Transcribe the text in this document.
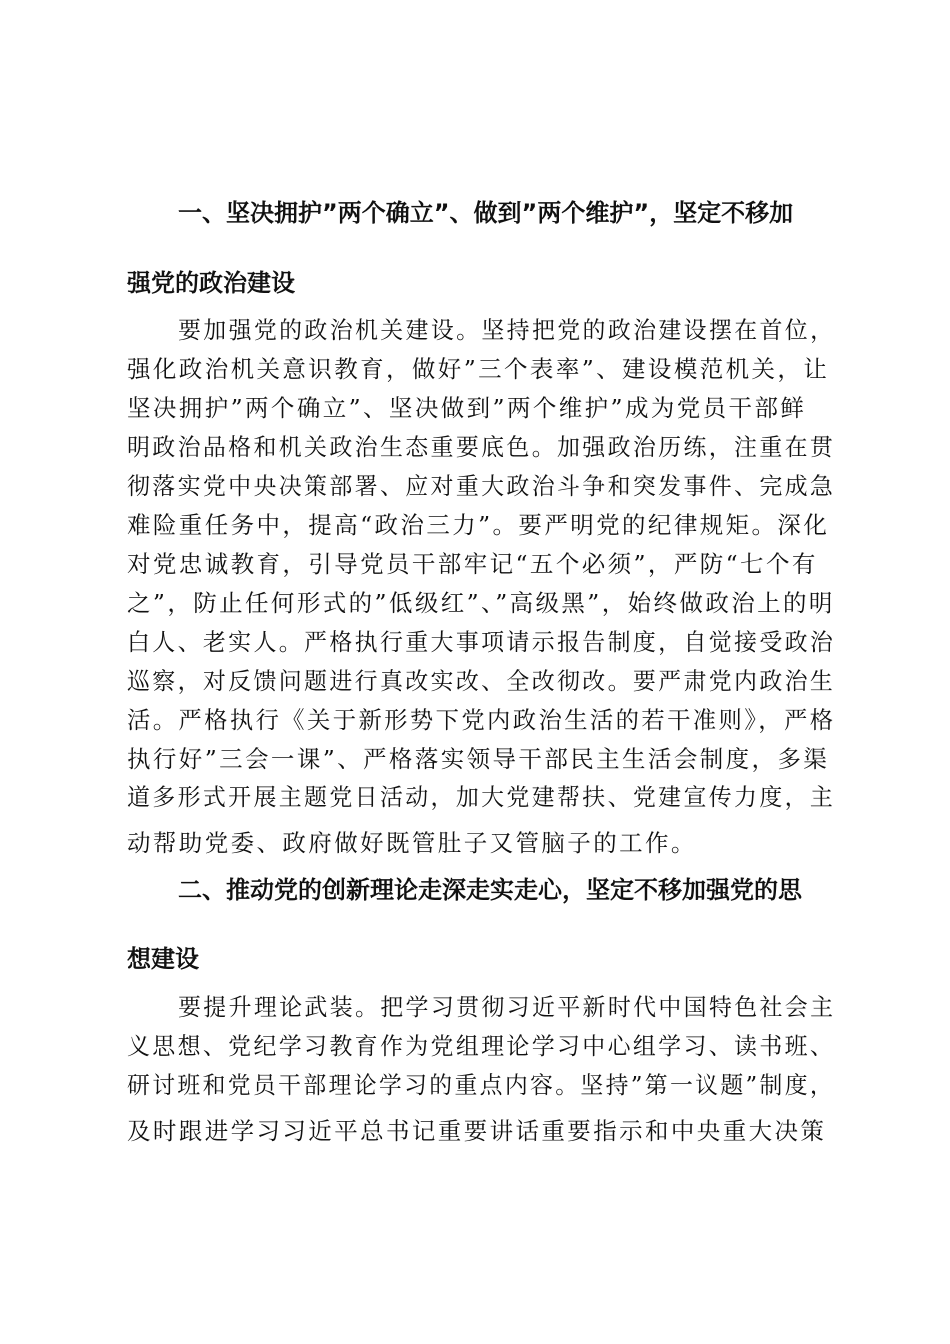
一、坚决拥护”两个确立”、做到”两个维护”，坚定不移加

强党的政治建设

要加强党的政治机关建设。坚持把党的政治建设摆在首位，

强化政治机关意识教育，做好”三个表率”、建设模范机关，让

坚决拥护”两个确立”、坚决做到”两个维护”成为党员干部鲜

明政治品格和机关政治生态重要底色。加强政治历练，注重在贯

彻落实党中央决策部署、应对重大政治斗争和突发事件、完成急

难险重任务中，提高“政治三力”。要严明党的纪律规矩。深化

对党忠诚教育，引导党员干部牢记“五个必须”，严防“七个有

之”，防止任何形式的”低级红”、”高级黑”，始终做政治上的明

白人、老实人。严格执行重大事项请示报告制度，自觉接受政治

巡察，对反馈问题进行真改实改、全改彻改。要严肃党内政治生

活。严格执行《关于新形势下党内政治生活的若干准则》，严格

执行好”三会一课”、严格落实领导干部民主生活会制度，多渠

道多形式开展主题党日活动，加大党建帮扶、党建宣传力度，主

动帮助党委、政府做好既管肚子又管脑子的工作。

二、推动党的创新理论走深走实走心，坚定不移加强党的思

想建设

要提升理论武装。把学习贯彻习近平新时代中国特色社会主

义思想、党纪学习教育作为党组理论学习中心组学习、读书班、

研讨班和党员干部理论学习的重点内容。坚持”第一议题”制度，

及时跟进学习习近平总书记重要讲话重要指示和中央重大决策
